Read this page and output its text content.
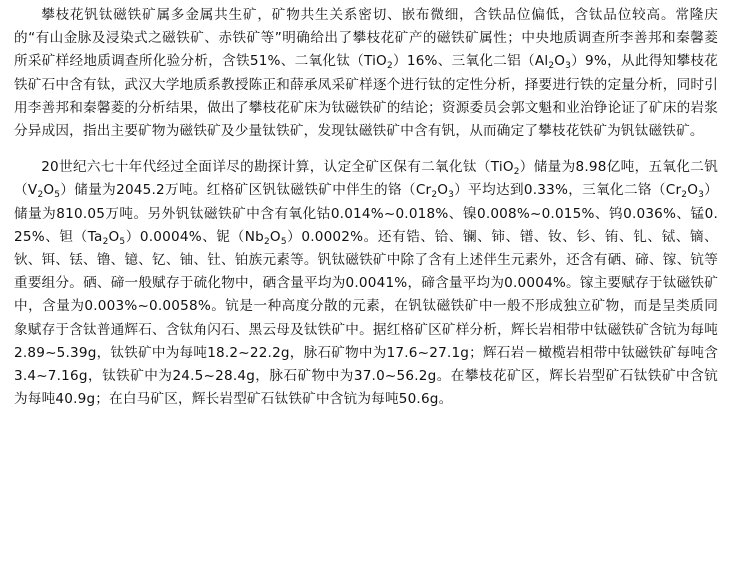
攀枝花钒钛磁铁矿属多金属共生矿，矿物共生关系密切、嵌布微细，含铁品位偏低，含钛品位较高。常隆庆的“有山金脉及浸染式之磁铁矿、赤铁矿等”明确给出了攀枝花矿产的磁铁矿属性；中央地质调查所李善邦和秦馨菱所采矿样经地质调查所化验分析，含铁51%、二氧化钛（TiO$_2$）16%、三氧化二铝$(Al_2O_3)9\%$，从此得知攀枝花铁矿石中含有钛，武汉大学地质系教授陈正和薛承凤采矿样逐个进行钛的定性分析，择要进行铁的定量分析，同时引用李善邦和秦馨菱的分析结果，做出了攀枝花矿床为钛磁铁矿的结论；资源委员会郭文魁和业治铮论证了矿床的岩浆分异成因，指出主要矿物为磁铁矿及少量钛铁矿，发现钛磁铁矿中含有钒，从而确定了攀枝花铁矿为钒钛磁铁矿。

20世纪六七十年代经过全面详尽的勘探计算，认定全矿区保有二氧化钛（TiO$_2$）储量为8.98亿吨，五氧化二钒$(V_2O_5)$储量为2045.2万吨。红格矿区钒钛磁铁矿中伴生的铬$(Cr_2O_3)$平均达到0.33%，三氧化二铬$(Cr_2O_3)$储量为810.05万吨。另外钒钛磁铁矿中含有氧化钴0.014%~0.018%、镍0.008%~0.015%、钨0.036%、锰0.25%、钽$(Ta_2O_5)0.0004\%$、铌$(Nb_2O_5)0.0002\%$。还有锆、铪、镧、铈、镨、钕、钐、铕、钆、铽、镝、钬、铒、铥、镥、镱、钇、铀、钍、铂族元素等。钒钛磁铁矿中除了含有上述伴生元素外，还含有硒、碲、镓、钪等重要组分。硒、碲一般赋存于硫化物中，硒含量平均为0.0041%，碲含量平均为0.0004%。镓主要赋存于钛磁铁矿中，含量为0.003%~0.0058%。钪是一种高度分散的元素，在钒钛磁铁矿中一般不形成独立矿物，而是呈类质同象赋存于含钛普通辉石、含钛角闪石、黑云母及钛铁矿中。据红格矿区矿样分析，辉长岩相带中钛磁铁矿含钪为每吨2.89~5.39g，钛铁矿中为每吨18.2~22.2g，脉石矿物中为17.6~27.1g；辉石岩－橄榄岩相带中钛磁铁矿每吨含3.4~7.16g，钛铁矿中为24.5~28.4g，脉石矿物中为37.0~56.2g。在攀枝花矿区，辉长岩型矿石钛铁矿中含钪为每吨40.9g；在白马矿区，辉长岩型矿石钛铁矿中含钪为每吨50.6g。
